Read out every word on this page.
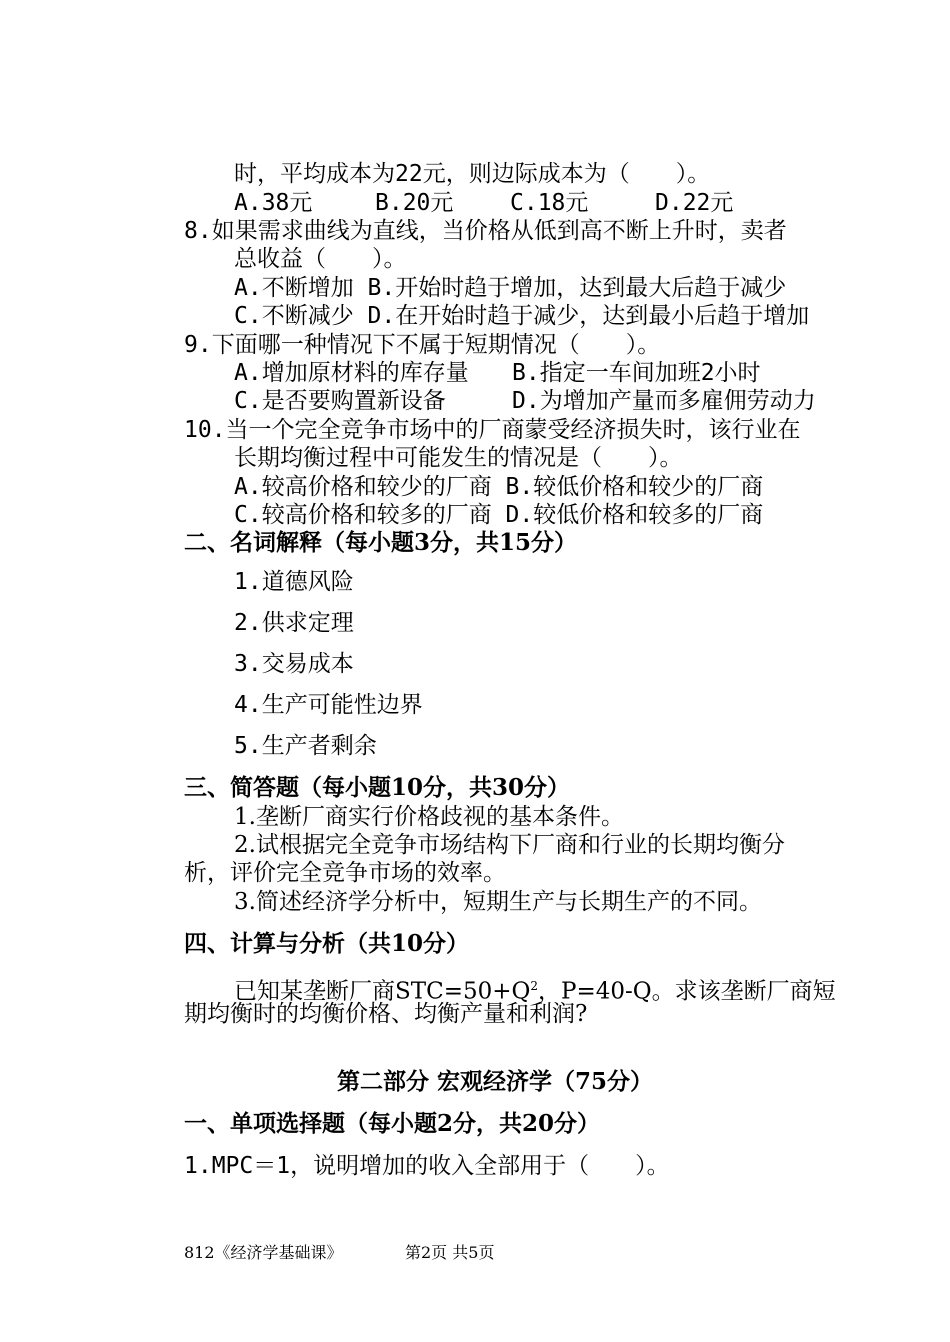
时，平均成本为22元，则边际成本为（　　）。
A.38元	B.20元 C.18元	D.22元
8.如果需求曲线为直线，当价格从低到高不断上升时，卖者
总收益（　　）。
A.不断增加 B.开始时趋于增加，达到最大后趋于减少
C.不断减少 D.在开始时趋于减少，达到最小后趋于增加
9.下面哪一种情况下不属于短期情况（　　）。
A.增加原材料的库存量 B.指定一车间加班2小时
C.是否要购置新设备	D.为增加产量而多雇佣劳动力
10.当一个完全竞争市场中的厂商蒙受经济损失时，该行业在
长期均衡过程中可能发生的情况是（　　）。
A.较高价格和较少的厂商 B.较低价格和较少的厂商
C.较高价格和较多的厂商 D.较低价格和较多的厂商
二、名词解释（每小题3分，共15分）
1.道德风险
2.供求定理
3.交易成本
4.生产可能性边界
5.生产者剩余
三、简答题（每小题10分，共30分）
1.垄断厂商实行价格歧视的基本条件。
2.试根据完全竞争市场结构下厂商和行业的长期均衡分
析，评价完全竞争市场的效率。
3.简述经济学分析中，短期生产与长期生产的不同。
四、计算与分析（共10分）
已知某垄断厂商$STC=50+Q^2$，P=40-Q。求该垄断厂商短
期均衡时的均衡价格、均衡产量和利润?
第二部分 宏观经济学（75分）
一、单项选择题（每小题2分，共20分）
1.MPC＝1，说明增加的收入全部用于（　　）。
812《经济学基础课》	第2页 共5页
